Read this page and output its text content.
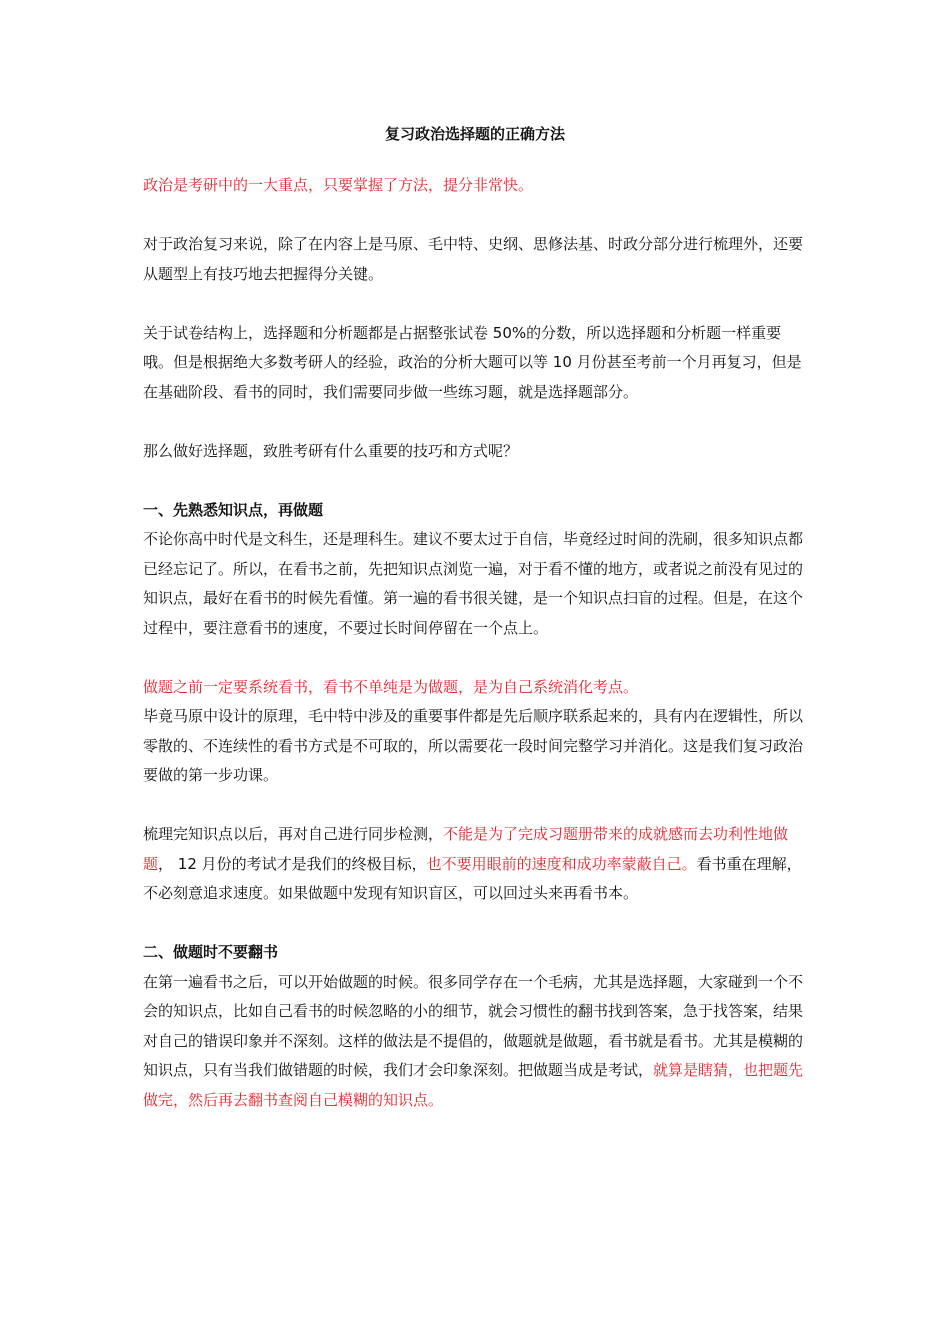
复习政治选择题的正确方法

政治是考研中的一大重点，只要掌握了方法，提分非常快。

对于政治复习来说，除了在内容上是马原、毛中特、史纲、思修法基、时政分部分进行梳理外，还要从题型上有技巧地去把握得分关键。

关于试卷结构上，选择题和分析题都是占据整张试卷 50%的分数，所以选择题和分析题一样重要哦。但是根据绝大多数考研人的经验，政治的分析大题可以等 10 月份甚至考前一个月再复习，但是在基础阶段、看书的同时，我们需要同步做一些练习题，就是选择题部分。

那么做好选择题，致胜考研有什么重要的技巧和方式呢？

一、先熟悉知识点，再做题

不论你高中时代是文科生，还是理科生。建议不要太过于自信，毕竟经过时间的洗刷，很多知识点都已经忘记了。所以，在看书之前，先把知识点浏览一遍，对于看不懂的地方，或者说之前没有见过的知识点，最好在看书的时候先看懂。第一遍的看书很关键，是一个知识点扫盲的过程。但是，在这个过程中，要注意看书的速度，不要过长时间停留在一个点上。

做题之前一定要系统看书，看书不单纯是为做题，是为自己系统消化考点。

毕竟马原中设计的原理，毛中特中涉及的重要事件都是先后顺序联系起来的，具有内在逻辑性，所以零散的、不连续性的看书方式是不可取的，所以需要花一段时间完整学习并消化。这是我们复习政治要做的第一步功课。

梳理完知识点以后，再对自己进行同步检测，不能是为了完成习题册带来的成就感而去功利性地做题， 12 月份的考试才是我们的终极目标，也不要用眼前的速度和成功率蒙蔽自己。看书重在理解，不必刻意追求速度。如果做题中发现有知识盲区，可以回过头来再看书本。

二、做题时不要翻书

在第一遍看书之后，可以开始做题的时候。很多同学存在一个毛病，尤其是选择题，大家碰到一个不会的知识点，比如自己看书的时候忽略的小的细节，就会习惯性的翻书找到答案，急于找答案，结果对自己的错误印象并不深刻。这样的做法是不提倡的，做题就是做题，看书就是看书。尤其是模糊的知识点，只有当我们做错题的时候，我们才会印象深刻。把做题当成是考试，就算是瞎猜，也把题先做完，然后再去翻书查阅自己模糊的知识点。
